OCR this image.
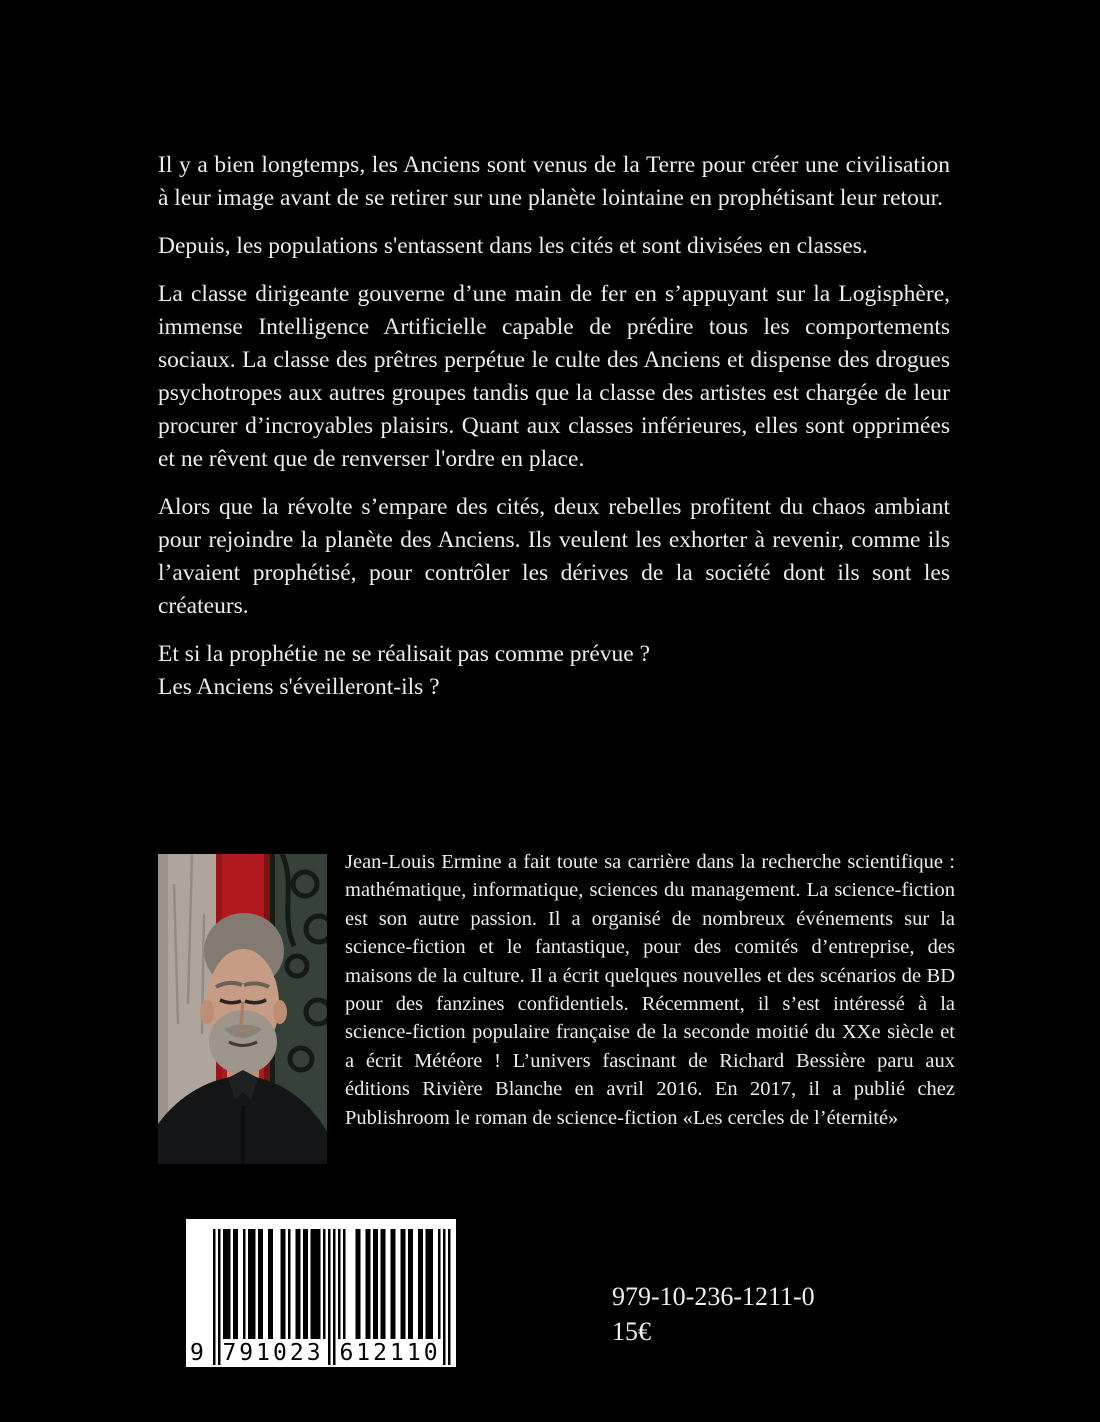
Il y a bien longtemps, les Anciens sont venus de la Terre pour créer une civilisation à leur image avant de se retirer sur une planète lointaine en prophétisant leur retour.

Depuis, les populations s'entassent dans les cités et sont divisées en classes.

La classe dirigeante gouverne d’une main de fer en s’appuyant sur la Logisphère, immense Intelligence Artificielle capable de prédire tous les comportements sociaux. La classe des prêtres perpétue le culte des Anciens et dispense des drogues psychotropes aux autres groupes tandis que la classe des artistes est chargée de leur procurer d’incroyables plaisirs. Quant aux classes inférieures, elles sont opprimées et ne rêvent que de renverser l'ordre en place.

Alors que la révolte s’empare des cités, deux rebelles profitent du chaos ambiant pour rejoindre la planète des Anciens. Ils veulent les exhorter à revenir, comme ils l’avaient prophétisé, pour contrôler les dérives de la société dont ils sont les créateurs.

Et si la prophétie ne se réalisait pas comme prévue ?

Les Anciens s'éveilleront-ils ?

Jean-Louis Ermine a fait toute sa carrière dans la recherche scientifique : mathématique, informatique, sciences du management. La science-fiction est son autre passion. Il a organisé de nombreux événements sur la science-fiction et le fantastique, pour des comités d’entreprise, des maisons de la culture. Il a écrit quelques nouvelles et des scénarios de BD pour des fanzines confidentiels. Récemment, il s’est intéressé à la science-fiction populaire française de la seconde moitié du XXe siècle et a écrit Météore ! L’univers fascinant de Richard Bessière paru aux éditions Rivière Blanche en avril 2016. En 2017, il a publié chez Publishroom le roman de science-fiction «Les cercles de l’éternité»

9 791023 612110
979-10-236-1211-0
15€
